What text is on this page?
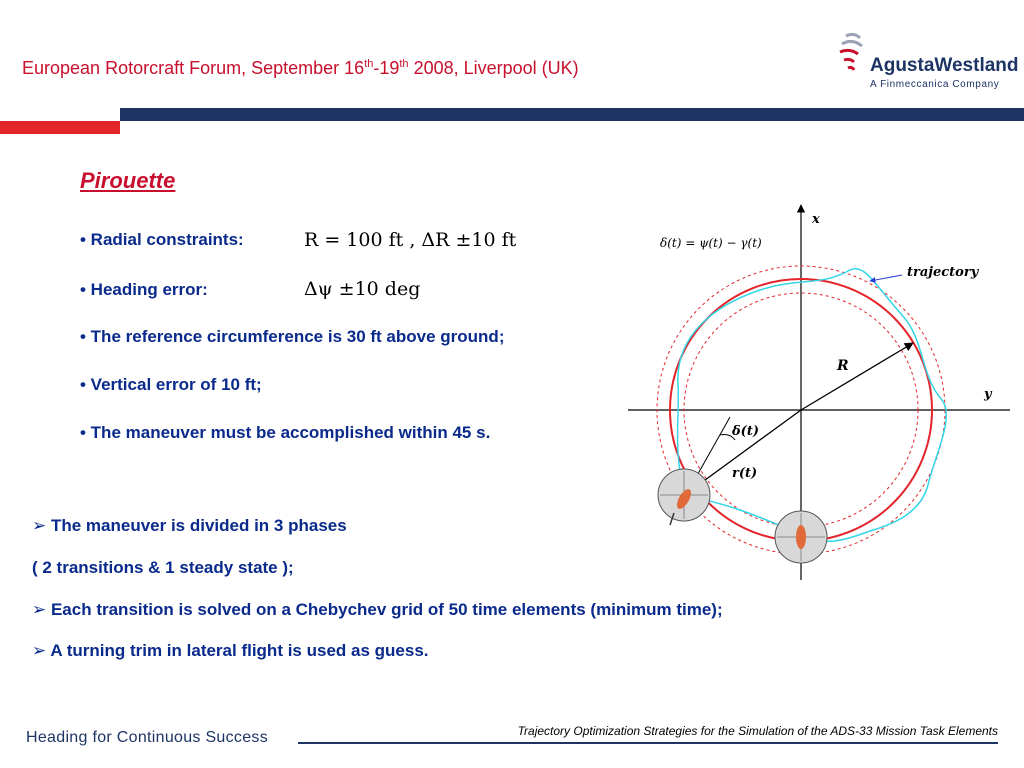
European Rotorcraft Forum, September 16th-19th 2008, Liverpool (UK)	AgustaWestland
A Finmeccanica Company
Pirouette
• Radial constraints:	R = 100 ft , ΔR ±10 ft
• Heading error:	Δψ ±10 deg
• The reference circumference is 30 ft above ground;
• Vertical error of 10 ft;
• The maneuver must be accomplished within 45 s.
➢ The maneuver is divided in 3 phases
( 2 transitions & 1 steady state );
➢ Each transition is solved on a Chebychev grid of 50 time elements (minimum time);
➢ A turning trim in lateral flight is used as guess.
δ(t) = ψ(t) − γ(t)
trajectory
x
y
R
δ(t)
r(t)
Heading for Continuous Success	Trajectory Optimization Strategies for the Simulation of the ADS-33 Mission Task Elements
